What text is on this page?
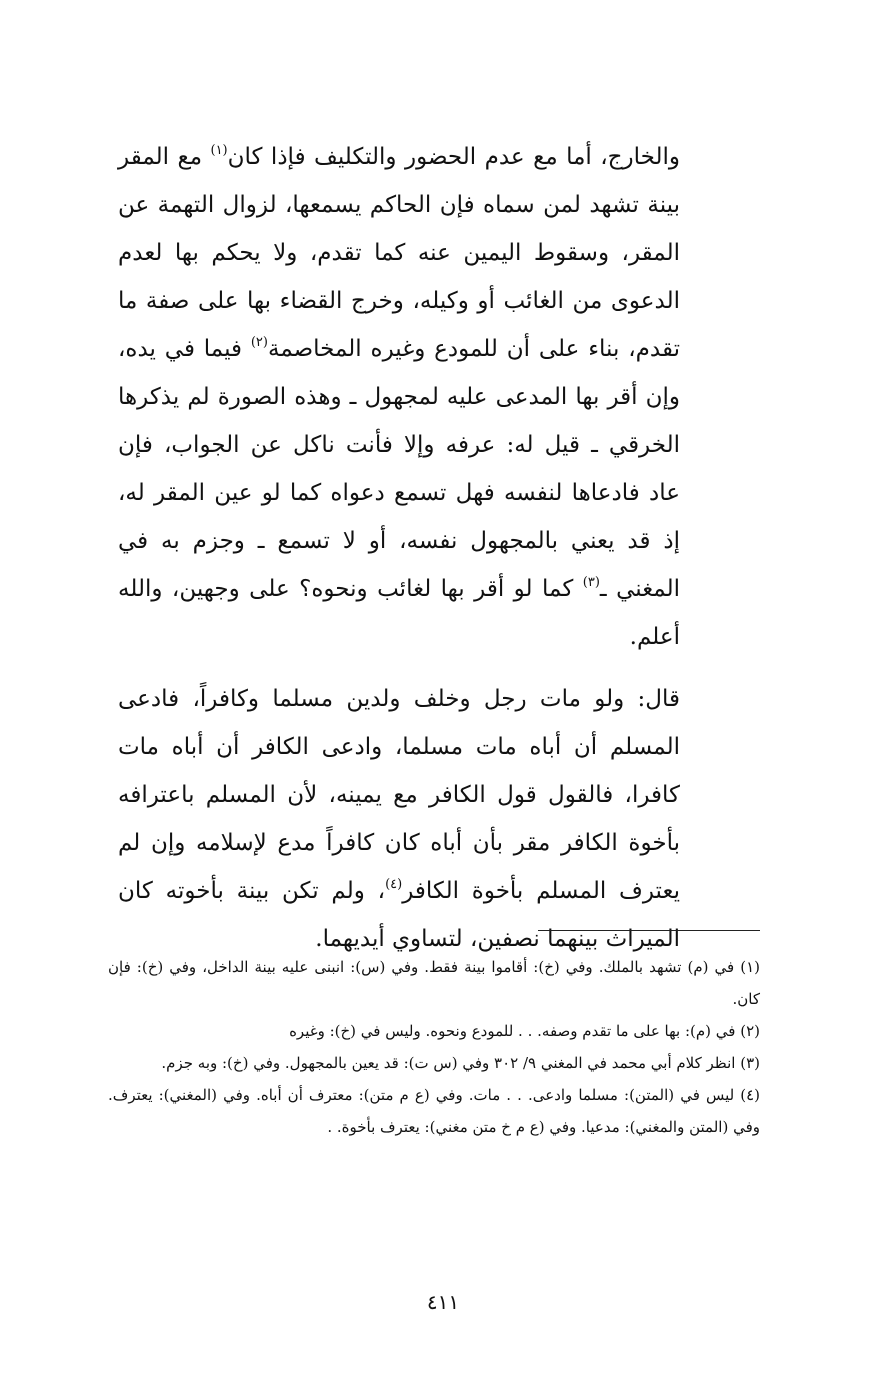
والخارج، أما مع عدم الحضور والتكليف فإذا كان$^{(١)}$ مع المقر بينة تشهد لمن سماه فإن الحاكم يسمعها، لزوال التهمة عن المقر، وسقوط اليمين عنه كما تقدم، ولا يحكم بها لعدم الدعوى من الغائب أو وكيله، وخرج القضاء بها على صفة ما تقدم، بناء على أن للمودع وغيره المخاصمة$^{(٢)}$ فيما في يده، وإن أقر بها المدعى عليه لمجهول ـ وهذه الصورة لم يذكرها الخرقي ـ قيل له: عرفه وإلا فأنت ناكل عن الجواب، فإن عاد فادعاها لنفسه فهل تسمع دعواه كما لو عين المقر له، إذ قد يعني بالمجهول نفسه، أو لا تسمع ـ وجزم به في المغني ـ$^{(٣)}$ كما لو أقر بها لغائب ونحوه؟ على وجهين، والله أعلم.

قال: ولو مات رجل وخلف ولدين مسلما وكافراً، فادعى المسلم أن أباه مات مسلما، وادعى الكافر أن أباه مات كافرا، فالقول قول الكافر مع يمينه، لأن المسلم باعترافه بأخوة الكافر مقر بأن أباه كان كافراً مدع لإسلامه وإن لم يعترف المسلم بأخوة الكافر$^{(٤)}$، ولم تكن بينة بأخوته كان الميراث بينهما نصفين، لتساوي أيديهما.

(١) في (م) تشهد بالملك. وفي (خ): أقاموا بينة فقط. وفي (س): انبنى عليه بينة الداخل، وفي (خ): فإن كان.

(٢) في (م): بها على ما تقدم وصفه. . . للمودع ونحوه. وليس في (خ): وغيره

(٣) انظر كلام أبي محمد في المغني ٩/ ٣٠٢ وفي (س ت): قد يعين بالمجهول. وفي (خ): وبه جزم.

(٤) ليس في (المتن): مسلما وادعى. . . مات. وفي (ع م متن): معترف أن أباه. وفي (المغني): يعترف. وفي (المتن والمغني): مدعيا. وفي (ع م خ متن مغني): يعترف بأخوة. .

٤١١
